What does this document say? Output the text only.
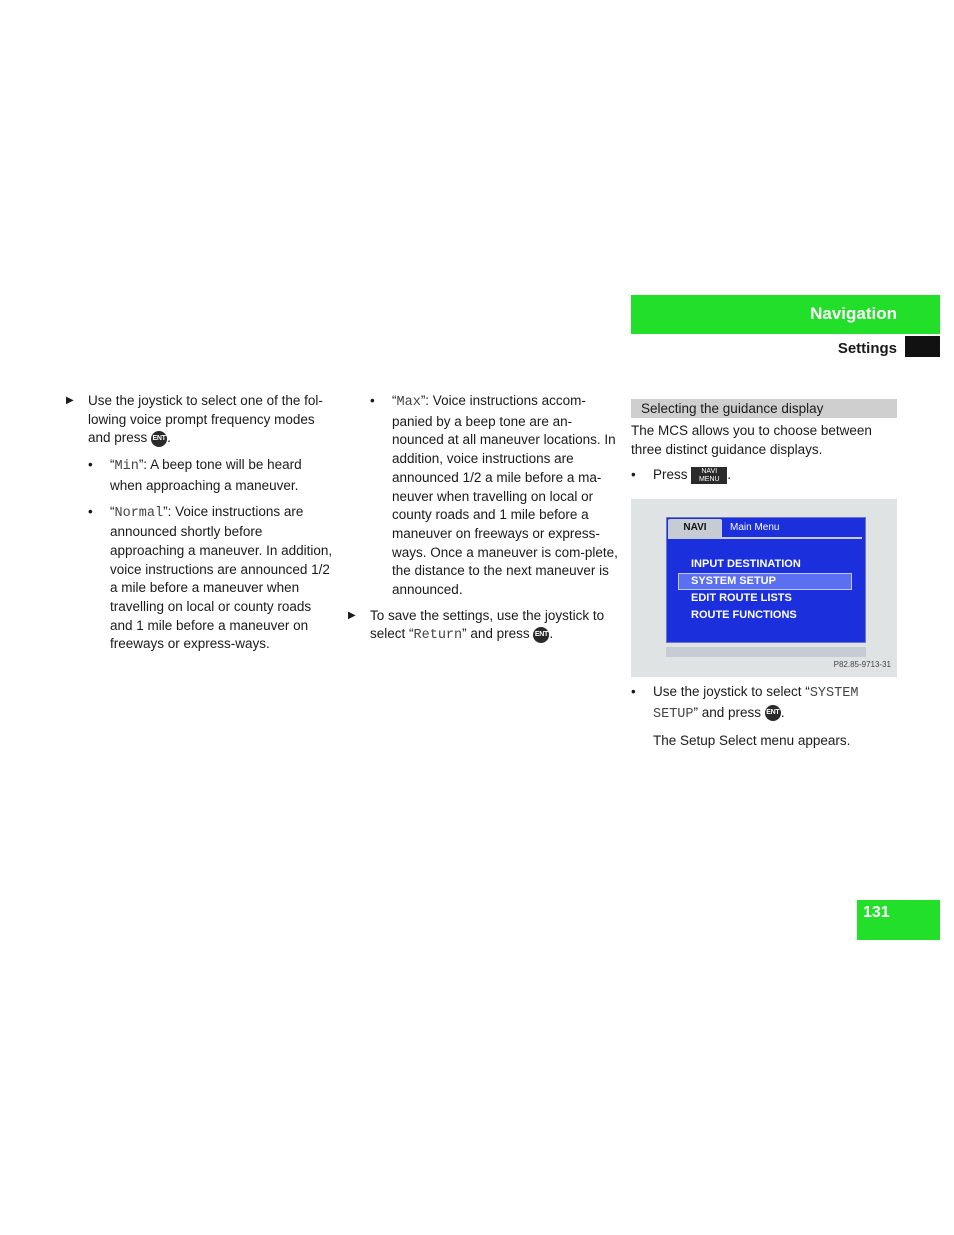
Navigation
Settings
▶ Use the joystick to select one of the fol-lowing voice prompt frequency modes and press ENT.
• “Min”: A beep tone will be heard when approaching a maneuver.
• “Normal”: Voice instructions are announced shortly before approaching a maneuver. In addition, voice instructions are announced 1/2 a mile before a maneuver when travelling on local or county roads and 1 mile before a maneuver on freeways or express-ways.
• “Max”: Voice instructions accom-panied by a beep tone are an-nounced at all maneuver locations. In addition, voice instructions are announced 1/2 a mile before a ma-neuver when travelling on local or county roads and 1 mile before a maneuver on freeways or express-ways. Once a maneuver is com-plete, the distance to the next maneuver is announced.
▶ To save the settings, use the joystick to select “Return” and press ENT.
Selecting the guidance display

The MCS allows you to choose between three distinct guidance displays.

• Press NAVI
MENU .
NAVI	Main Menu
INPUT DESTINATION
SYSTEM SETUP
EDIT ROUTE LISTS
ROUTE FUNCTIONS
P82.85-9713-31
• Use the joystick to select “SYSTEM SETUP” and press ENT.

The Setup Select menu appears.

131
